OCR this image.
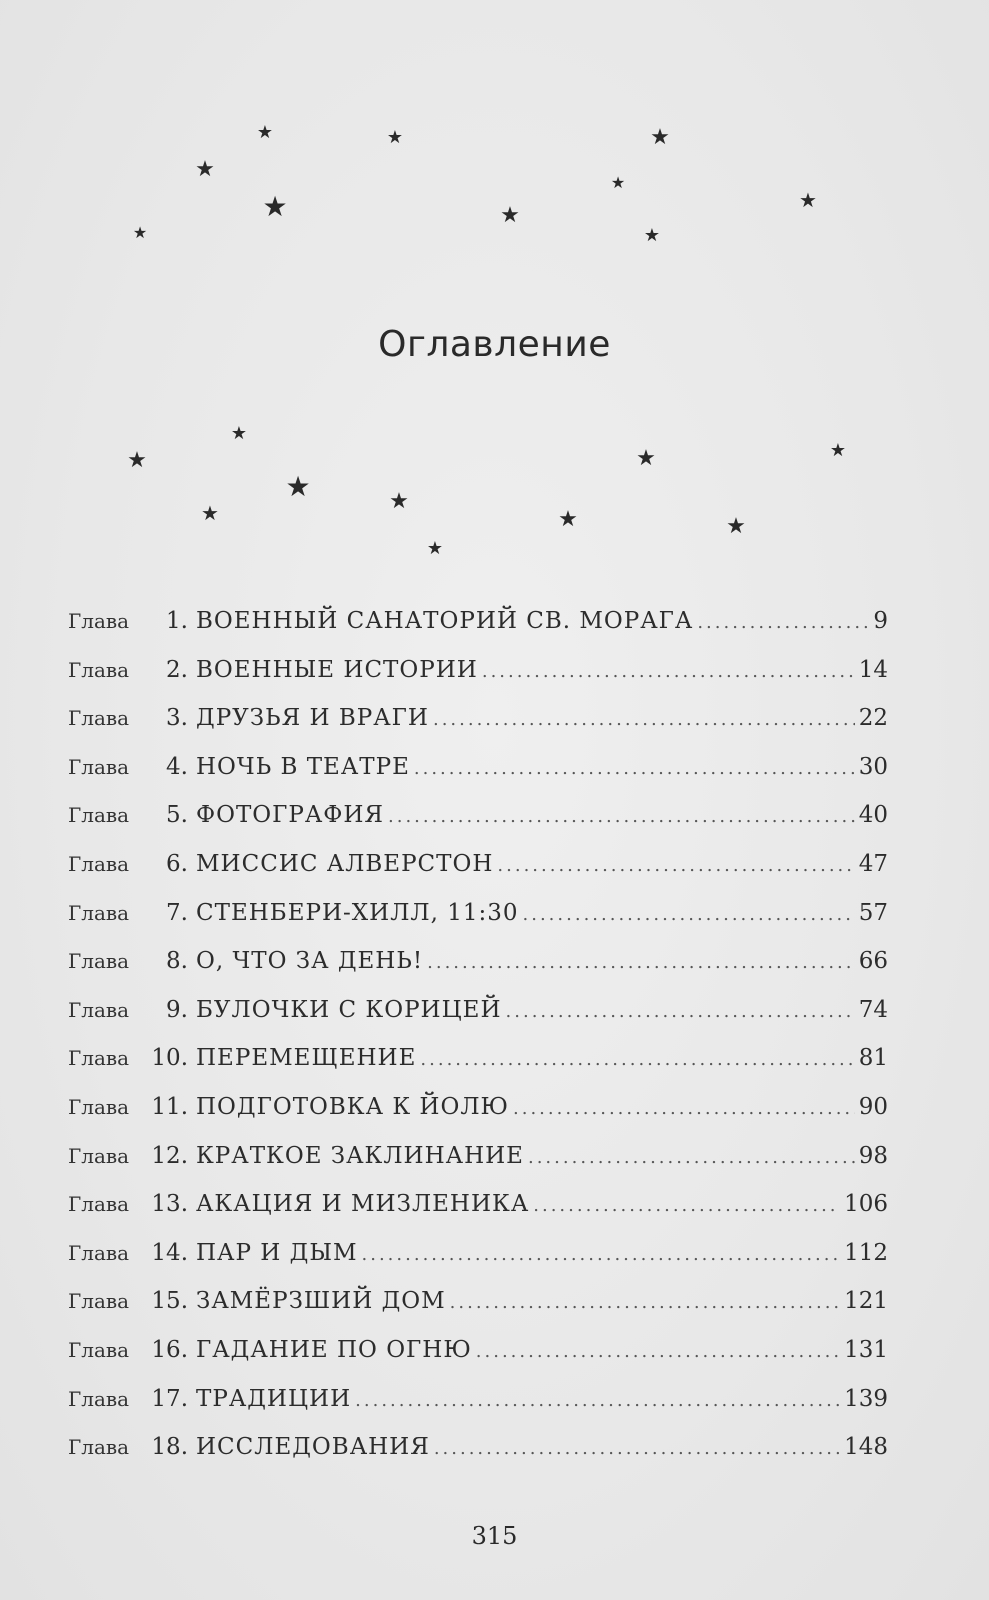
★	★	★
★
★
★	★
★
★	★
Оглавление
★
★	★	★
★	★
★	★	★
★
Глава	1. ВОЕННЫЙ САНАТОРИЙ СВ. МОРАГА .....	9
Глава	2. ВОЕННЫЕ ИСТОРИИ .....	14
Глава	3. ДРУЗЬЯ И ВРАГИ .....	22
Глава	4. НОЧЬ В ТЕАТРЕ .....	30
Глава	5. ФОТОГРАФИЯ .....	40
Глава	6. МИССИС АЛВЕРСТОН .....	47
Глава	7. СТЕНБЕРИ-ХИЛЛ, 11:30 .....	57
Глава	8. О, ЧТО ЗА ДЕНЬ! .....	66
Глава	9. БУЛОЧКИ С КОРИЦЕЙ .....	74
Глава 10. ПЕРЕМЕЩЕНИЕ .....	81
Глава 11. ПОДГОТОВКА К ЙОЛЮ .....	90
Глава 12. КРАТКОЕ ЗАКЛИНАНИЕ .....	98
Глава 13. АКАЦИЯ И МИЗЛЕНИКА .....	106
Глава 14. ПАР И ДЫМ .....	112
Глава 15. ЗАМЁРЗШИЙ ДОМ .....	121
Глава 16. ГАДАНИЕ ПО ОГНЮ .....	131
Глава 17. ТРАДИЦИИ .....	139
Глава 18. ИССЛЕДОВАНИЯ .....	148
315
